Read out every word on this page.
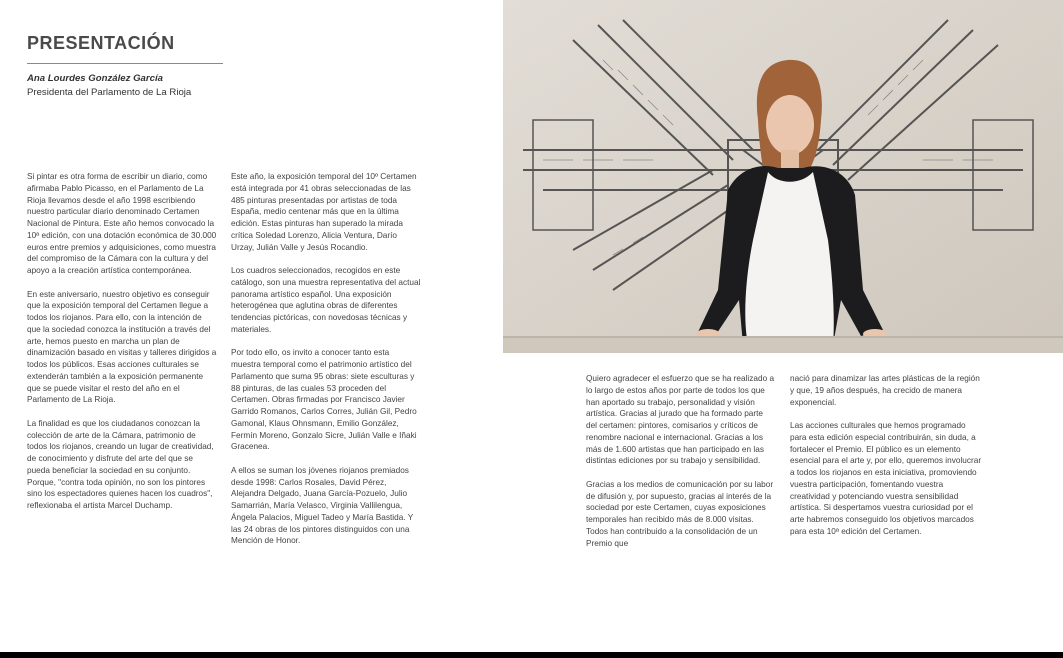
PRESENTACIÓN
Ana Lourdes González García
Presidenta del Parlamento de La Rioja

Si pintar es otra forma de escribir un diario, como afirmaba Pablo Picasso, en el Parlamento de La Rioja llevamos desde el año 1998 escribiendo nuestro particular diario denominado Certamen Nacional de Pintura. Este año hemos convocado la 10ª edición, con una dotación económica de 30.000 euros entre premios y adquisiciones, como muestra del compromiso de la Cámara con la cultura y del apoyo a la creación artística contemporánea.

En este aniversario, nuestro objetivo es conseguir que la exposición temporal del Certamen llegue a todos los riojanos. Para ello, con la intención de que la sociedad conozca la institución a través del arte, hemos puesto en marcha un plan de dinamización basado en visitas y talleres dirigidos a todos los públicos. Esas acciones culturales se extenderán también a la exposición permanente que se puede visitar el resto del año en el Parlamento de La Rioja.

La finalidad es que los ciudadanos conozcan la colección de arte de la Cámara, patrimonio de todos los riojanos, creando un lugar de creatividad, de conocimiento y disfrute del arte del que se pueda beneficiar la sociedad en su conjunto. Porque, "contra toda opinión, no son los pintores sino los espectadores quienes hacen los cuadros", reflexionaba el artista Marcel Duchamp.

Este año, la exposición temporal del 10º Certamen está integrada por 41 obras seleccionadas de las 485 pinturas presentadas por artistas de toda España, medio centenar más que en la última edición. Estas pinturas han superado la mirada crítica Soledad Lorenzo, Alicia Ventura, Darío Urzay, Julián Valle y Jesús Rocandio.

Los cuadros seleccionados, recogidos en este catálogo, son una muestra representativa del actual panorama artístico español. Una exposición heterogénea que aglutina obras de diferentes tendencias pictóricas, con novedosas técnicas y materiales.

Por todo ello, os invito a conocer tanto esta muestra temporal como el patrimonio artístico del Parlamento que suma 95 obras: siete esculturas y 88 pinturas, de las cuales 53 proceden del Certamen. Obras firmadas por Francisco Javier Garrido Romanos, Carlos Corres, Julián Gil, Pedro Gamonal, Klaus Ohnsmann, Emilio González, Fermín Moreno, Gonzalo Sicre, Julián Valle e Iñaki Gracenea.

A ellos se suman los jóvenes riojanos premiados desde 1998: Carlos Rosales, David Pérez, Alejandra Delgado, Juana García-Pozuelo, Julio Samarrián, María Velasco, Virginia Vallilengua, Ángela Palacios, Miguel Tadeo y María Bastida. Y las 24 obras de los pintores distinguidos con una Mención de Honor.

Quiero agradecer el esfuerzo que se ha realizado a lo largo de estos años por parte de todos los que han aportado su trabajo, personalidad y visión artística. Gracias al jurado que ha formado parte del certamen: pintores, comisarios y críticos de renombre nacional e internacional. Gracias a los más de 1.600 artistas que han participado en las distintas ediciones por su trabajo y sensibilidad.

Gracias a los medios de comunicación por su labor de difusión y, por supuesto, gracias al interés de la sociedad por este Certamen, cuyas exposiciones temporales han recibido más de 8.000 visitas. Todos han contribuido a la consolidación de un Premio que

nació para dinamizar las artes plásticas de la región y que, 19 años después, ha crecido de manera exponencial.

Las acciones culturales que hemos programado para esta edición especial contribuirán, sin duda, a fortalecer el Premio. El público es un elemento esencial para el arte y, por ello, queremos involucrar a todos los riojanos en esta iniciativa, promoviendo vuestra participación, fomentando vuestra creatividad y potenciando vuestra sensibilidad artística. Si despertamos vuestra curiosidad por el arte habremos conseguido los objetivos marcados para esta 10ª edición del Certamen.
